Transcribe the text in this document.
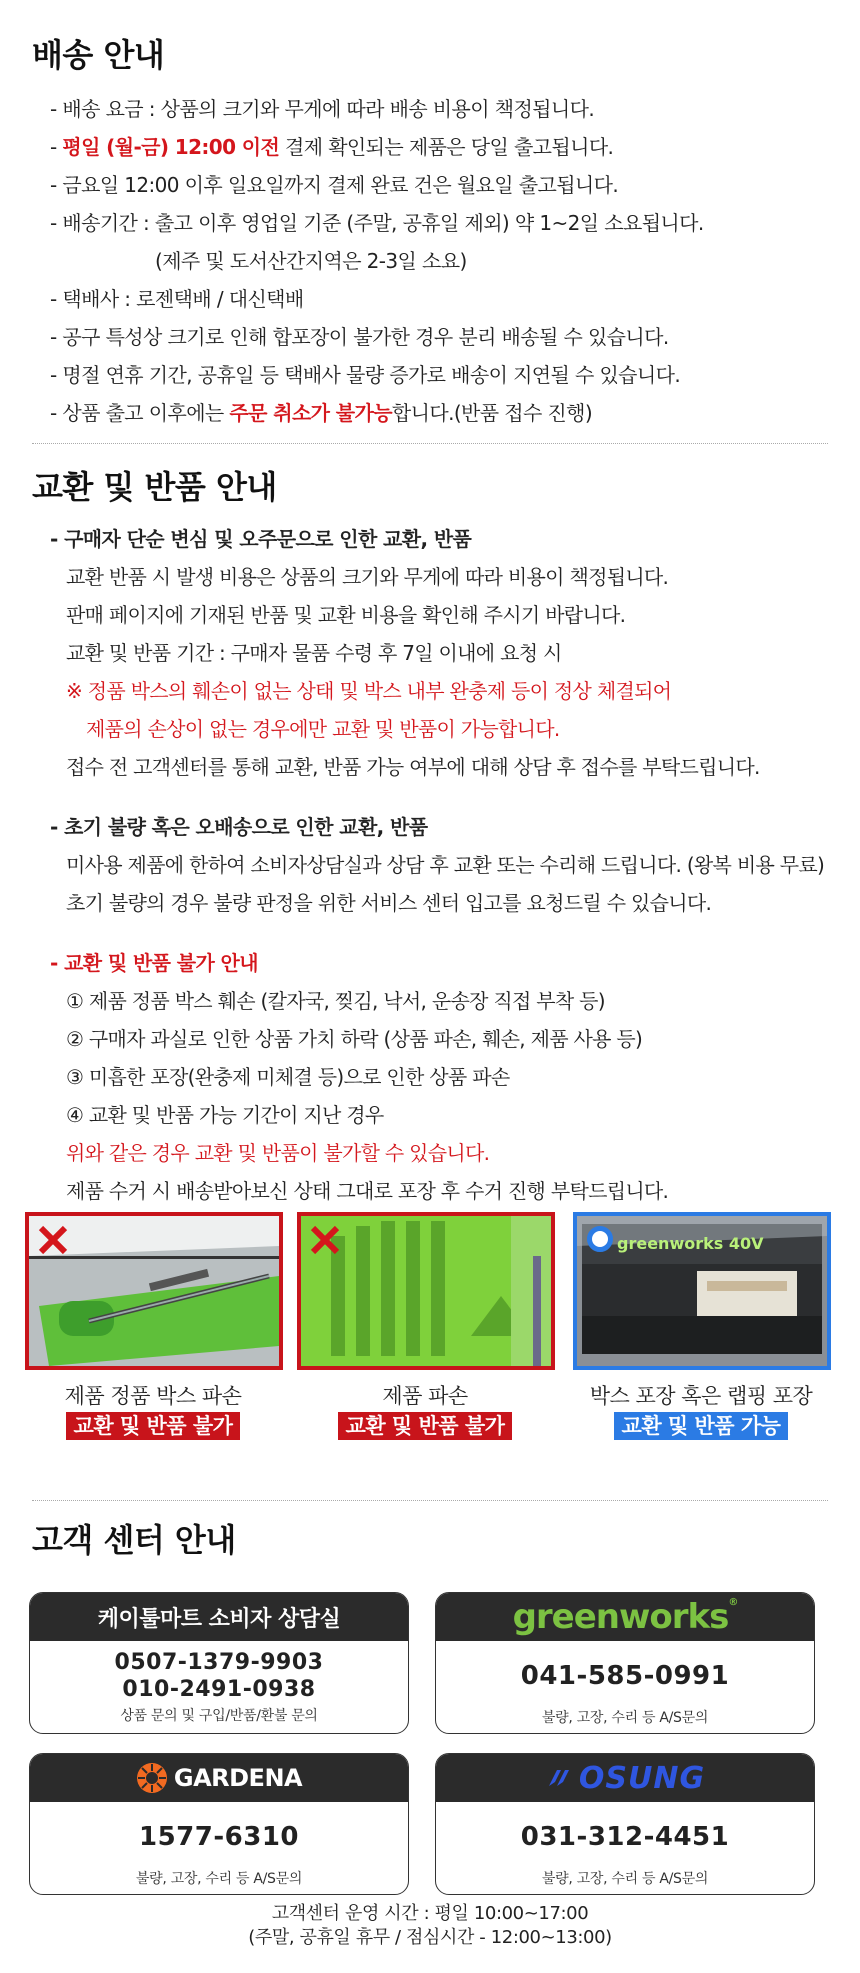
배송 안내
- 배송 요금 : 상품의 크기와 무게에 따라 배송 비용이 책정됩니다.
- 평일 (월-금) 12:00 이전 결제 확인되는 제품은 당일 출고됩니다.
- 금요일 12:00 이후 일요일까지 결제 완료 건은 월요일 출고됩니다.
- 배송기간 : 출고 이후 영업일 기준 (주말, 공휴일 제외) 약 1~2일 소요됩니다.
(제주 및 도서산간지역은 2-3일 소요)
- 택배사 : 로젠택배 / 대신택배
- 공구 특성상 크기로 인해 합포장이 불가한 경우 분리 배송될 수 있습니다.
- 명절 연휴 기간, 공휴일 등 택배사 물량 증가로 배송이 지연될 수 있습니다.
- 상품 출고 이후에는 주문 취소가 불가능합니다.(반품 접수 진행)
교환 및 반품 안내
- 구매자 단순 변심 및 오주문으로 인한 교환, 반품
교환 반품 시 발생 비용은 상품의 크기와 무게에 따라 비용이 책정됩니다.
판매 페이지에 기재된 반품 및 교환 비용을 확인해 주시기 바랍니다.
교환 및 반품 기간 : 구매자 물품 수령 후 7일 이내에 요청 시
※ 정품 박스의 훼손이 없는 상태 및 박스 내부 완충제 등이 정상 체결되어
제품의 손상이 없는 경우에만 교환 및 반품이 가능합니다.
접수 전 고객센터를 통해 교환, 반품 가능 여부에 대해 상담 후 접수를 부탁드립니다.
- 초기 불량 혹은 오배송으로 인한 교환, 반품
미사용 제품에 한하여 소비자상담실과 상담 후 교환 또는 수리해 드립니다. (왕복 비용 무료)
초기 불량의 경우 불량 판정을 위한 서비스 센터 입고를 요청드릴 수 있습니다.
- 교환 및 반품 불가 안내
① 제품 정품 박스 훼손 (칼자국, 찢김, 낙서, 운송장 직접 부착 등)
② 구매자 과실로 인한 상품 가치 하락 (상품 파손, 훼손, 제품 사용 등)
③ 미흡한 포장(완충제 미체결 등)으로 인한 상품 파손
④ 교환 및 반품 가능 기간이 지난 경우
위와 같은 경우 교환 및 반품이 불가할 수 있습니다.
제품 수거 시 배송받아보신 상태 그대로 포장 후 수거 진행 부탁드립니다.
제품 정품 박스 파손
교환 및 반품 불가
제품 파손
교환 및 반품 불가
greenworks 40V
박스 포장 혹은 랩핑 포장
교환 및 반품 가능
고객 센터 안내
케이툴마트 소비자 상담실
0507-1379-9903
010-2491-0938
상품 문의 및 구입/반품/환불 문의
greenworks ®
041-585-0991
불량, 고장, 수리 등 A/S문의
GARDENA
1577-6310
불량, 고장, 수리 등 A/S문의
OSUNG
031-312-4451
불량, 고장, 수리 등 A/S문의
고객센터 운영 시간 : 평일 10:00~17:00
(주말, 공휴일 휴무 / 점심시간 - 12:00~13:00)
